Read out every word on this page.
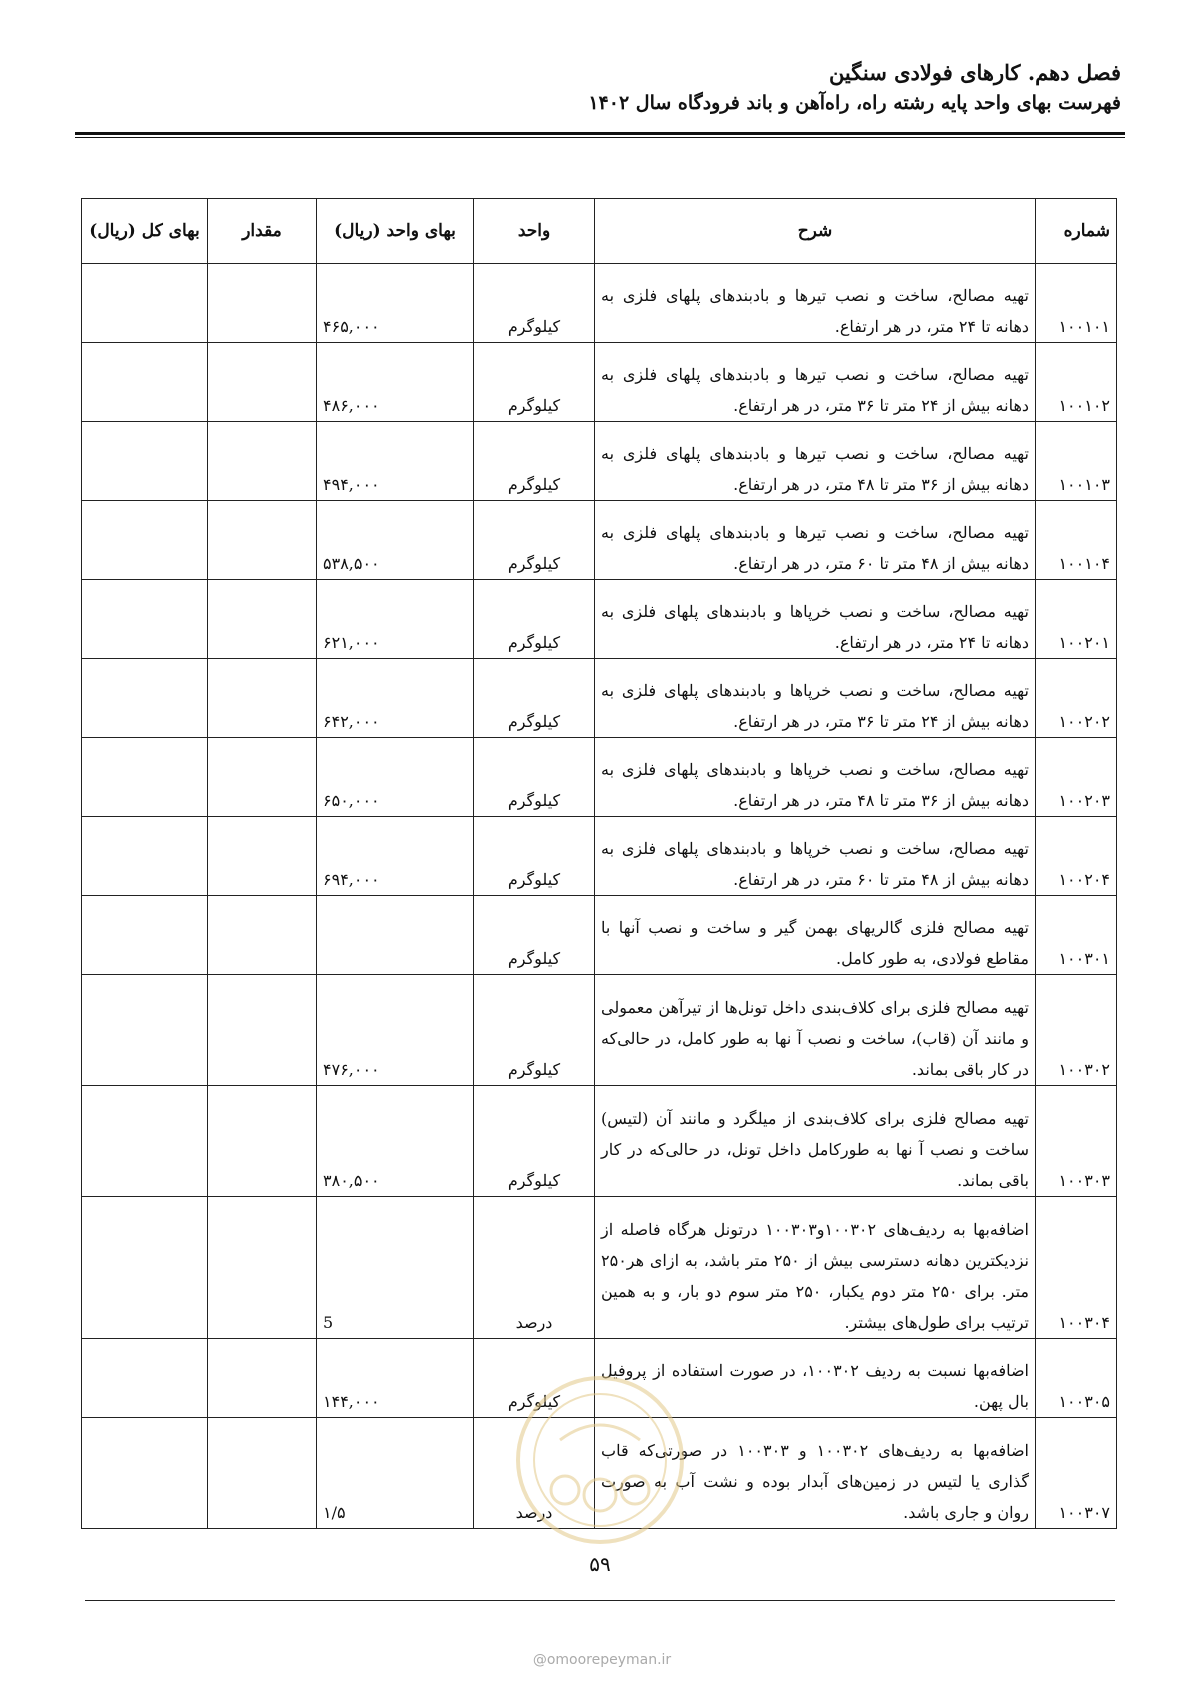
فصل دهم. کارهای فولادی سنگین
فهرست بهای واحد پایه رشته راه، راه‌آهن و باند فرودگاه سال ۱۴۰۲
شماره	شرح	واحد	بهای واحد (ریال)	مقدار	بهای کل (ریال)
۱۰۰۱۰۱	تهیه مصالح، ساخت و نصب تیرها و بادبندهای پلهای فلزی به دهانه تا ۲۴ متر، در هر ارتفاع.	کیلوگرم	۴۶۵,۰۰۰		
۱۰۰۱۰۲	تهیه مصالح، ساخت و نصب تیرها و بادبندهای پلهای فلزی به دهانه بیش از ۲۴ متر تا ۳۶ متر، در هر ارتفاع.	کیلوگرم	۴۸۶,۰۰۰		
۱۰۰۱۰۳	تهیه مصالح، ساخت و نصب تیرها و بادبندهای پلهای فلزی به دهانه بیش از ۳۶ متر تا ۴۸ متر، در هر ارتفاع.	کیلوگرم	۴۹۴,۰۰۰		
۱۰۰۱۰۴	تهیه مصالح، ساخت و نصب تیرها و بادبندهای پلهای فلزی به دهانه بیش از ۴۸ متر تا ۶۰ متر، در هر ارتفاع.	کیلوگرم	۵۳۸,۵۰۰		
۱۰۰۲۰۱	تهیه مصالح، ساخت و نصب خرپاها و بادبندهای پلهای فلزی به دهانه تا ۲۴ متر، در هر ارتفاع.	کیلوگرم	۶۲۱,۰۰۰		
۱۰۰۲۰۲	تهیه مصالح، ساخت و نصب خرپاها و بادبندهای پلهای فلزی به دهانه بیش از ۲۴ متر تا ۳۶ متر، در هر ارتفاع.	کیلوگرم	۶۴۲,۰۰۰		
۱۰۰۲۰۳	تهیه مصالح، ساخت و نصب خرپاها و بادبندهای پلهای فلزی به دهانه بیش از ۳۶ متر تا ۴۸ متر، در هر ارتفاع.	کیلوگرم	۶۵۰,۰۰۰		
۱۰۰۲۰۴	تهیه مصالح، ساخت و نصب خرپاها و بادبندهای پلهای فلزی به دهانه بیش از ۴۸ متر تا ۶۰ متر، در هر ارتفاع.	کیلوگرم	۶۹۴,۰۰۰		
۱۰۰۳۰۱	تهیه مصالح فلزی گالریهای بهمن گیر و ساخت و نصب آنها با مقاطع فولادی، به طور کامل.	کیلوگرم			
۱۰۰۳۰۲	تهیه مصالح فلزی برای کلاف‌بندی داخل تونل‌ها از تیرآهن معمولی و مانند آن (قاب)، ساخت و نصب آ نها به طور کامل، در حالی‌که در کار باقی بماند.	کیلوگرم	۴۷۶,۰۰۰		
۱۰۰۳۰۳	تهیه مصالح فلزی برای کلاف‌بندی از میلگرد و مانند آن (لتیس) ساخت و نصب آ نها به طورکامل داخل تونل، در حالی‌که در کار باقی بماند.	کیلوگرم	۳۸۰,۵۰۰		
۱۰۰۳۰۴	اضافه‌بها به ردیف‌های ۱۰۰۳۰۲و۱۰۰۳۰۳ درتونل هرگاه فاصله از نزدیکترین دهانه دسترسی بیش از ۲۵۰ متر باشد، به ازای هر۲۵۰ متر. برای ۲۵۰ متر دوم یکبار، ۲۵۰ متر سوم دو بار، و به همین ترتیب برای طول‌های بیشتر.	درصد	5		
۱۰۰۳۰۵	اضافه‌بها نسبت به ردیف ۱۰۰۳۰۲، در صورت استفاده از پروفیل بال پهن.	کیلوگرم	۱۴۴,۰۰۰		
۱۰۰۳۰۷	اضافه‌بها به ردیف‌های ۱۰۰۳۰۲ و ۱۰۰۳۰۳ در صورتی‌که قاب گذاری یا لتیس در زمین‌های آبدار بوده و نشت آب به صورت روان و جاری باشد.	درصد	۱/۵		
۵۹
@omoorepeyman.ir
